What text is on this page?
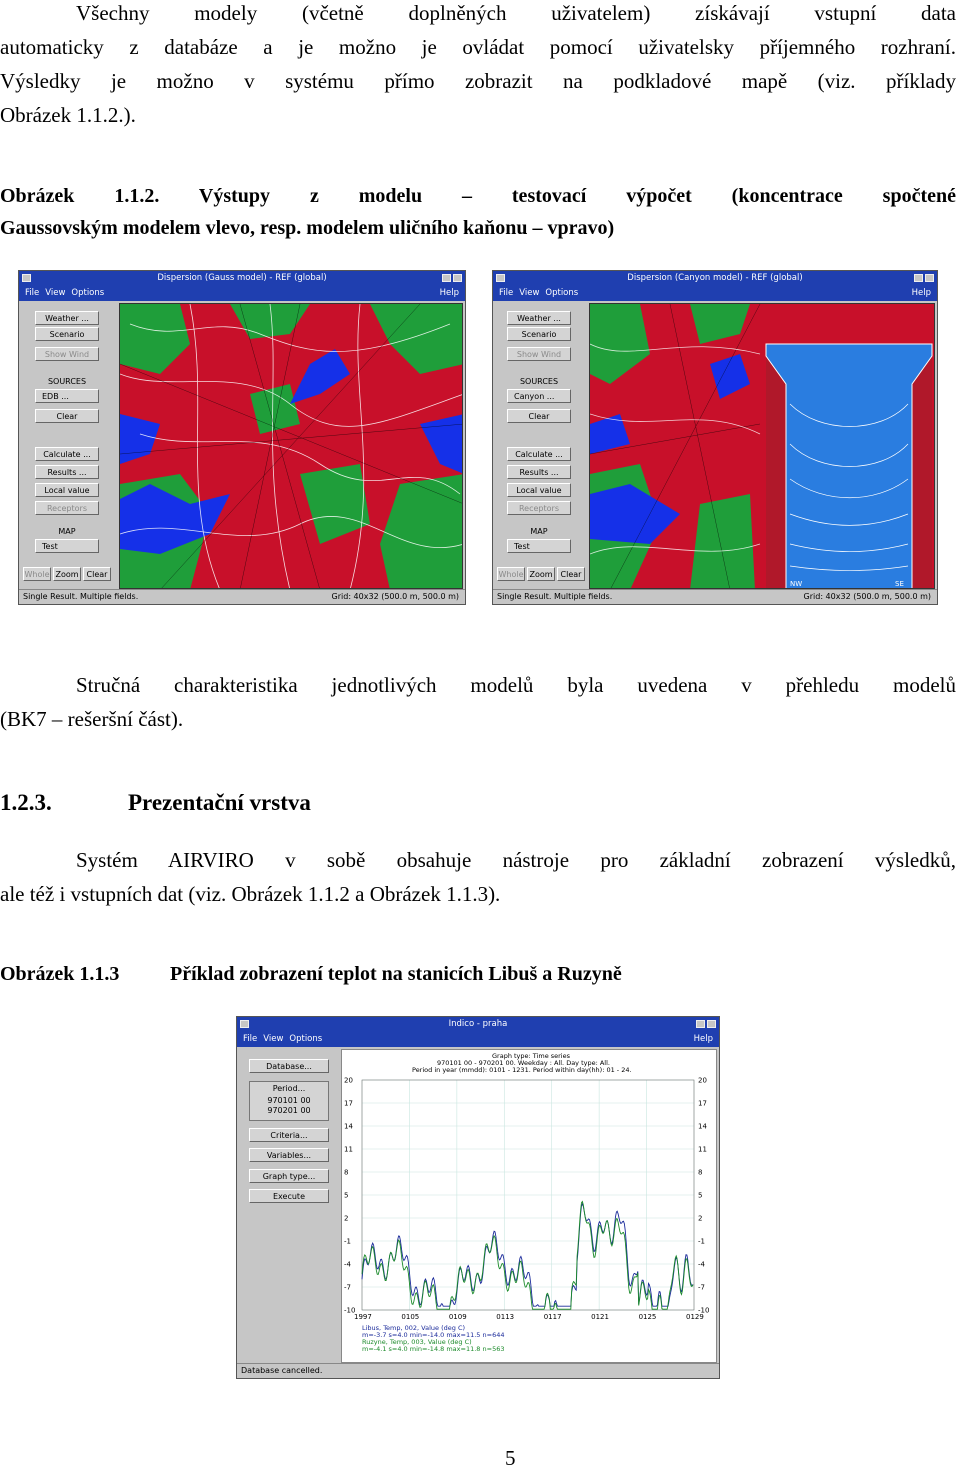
Všechny modely (včetně doplněných uživatelem) získávají vstupní data
automaticky z databáze a je možno je ovládat pomocí uživatelsky příjemného rozhraní.
Výsledky je možno v systému přímo zobrazit na podkladové mapě (viz. příklady
Obrázek 1.1.2.).
Obrázek 1.1.2. Výstupy z modelu – testovací výpočet (koncentrace spočtené
Gaussovským modelem vlevo, resp. modelem uličního kaňonu – vpravo)
Dispersion (Gauss model) - REF (global)
File View Options	Help
Weather ...
Scenario
Show Wind
SOURCES
EDB ...
Clear
Calculate ...
Results ...
Local value
Receptors
MAP
Test
Whole Zoom	Clear
Single Result. Multiple fields.	Grid: 40x32 (500.0 m, 500.0 m)
Dispersion (Canyon model) - REF (global)
File View Options	Help
Weather ...
Scenario
Show Wind
SOURCES
Canyon ...
Clear
Calculate ...
Results ...
Local value
Receptors
MAP
Test
Whole Zoom	Clear
NW	SE
Single Result. Multiple fields.	Grid: 40x32 (500.0 m, 500.0 m)
Stručná charakteristika jednotlivých modelů byla uvedena v přehledu modelů
(BK7 – rešeršní část).
1.2.3.	Prezentační vrstva
Systém AIRVIRO v sobě obsahuje nástroje pro základní zobrazení výsledků,
ale též i vstupních dat (viz. Obrázek 1.1.2 a Obrázek 1.1.3).
Obrázek 1.1.3	Příklad zobrazení teplot na stanicích Libuš a Ruzyně
Indico - praha
File View Options	Help
Database...
Period...
970101 00
970201 00
Criteria...
Variables...
Graph type...
Execute
Graph type: Time series
970101 00 - 970201 00. Weekday : All. Day type: All.
Period in year (mmdd): 0101 - 1231. Period within day(hh): 01 - 24.
20	20
17	17
14	14
11	11
8	8
5	5
2	2
-1	-1
-4	-4
-7	-7
-10	-10
1997	0105	0109	0113	0117	0121	0125	0129
Libus, Temp, 002, Value (deg C)
m=-3.7 s=4.0 min=-14.0 max=11.5 n=644
Ruzyne, Temp, 003, Value (deg C)
m=-4.1 s=4.0 min=-14.8 max=11.8 n=563
Database cancelled.
5
